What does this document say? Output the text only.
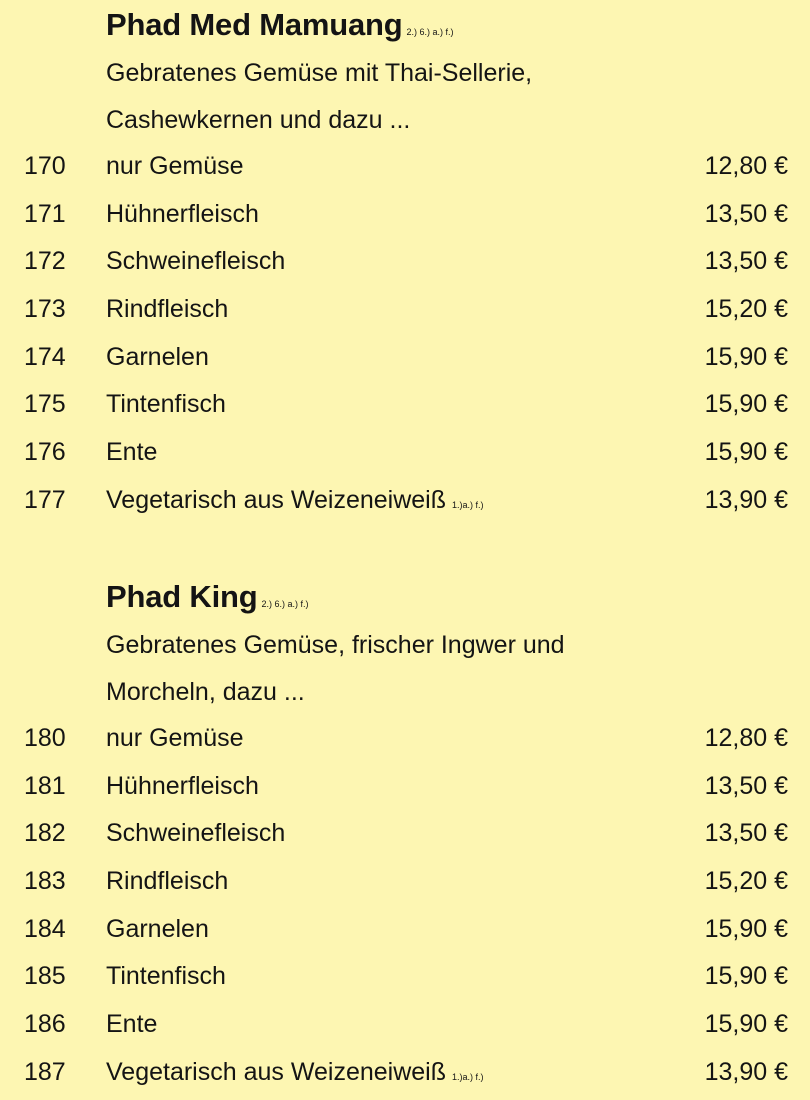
Phad Med Mamuang 2.) 6.) a.) f.)
Gebratenes Gemüse mit Thai-Sellerie,
Cashewkernen und dazu ...
170 nur Gemüse	12,80 €
171 Hühnerfleisch	13,50 €
172 Schweinefleisch	13,50 €
173 Rindfleisch	15,20 €
174 Garnelen	15,90 €
175 Tintenfisch	15,90 €
176 Ente	15,90 €
177 Vegetarisch aus Weizeneiweiß 1.)a.) f.)	13,90 €
Phad King 2.) 6.) a.) f.)
Gebratenes Gemüse, frischer Ingwer und
Morcheln, dazu ...
180 nur Gemüse	12,80 €
181 Hühnerfleisch	13,50 €
182 Schweinefleisch	13,50 €
183 Rindfleisch	15,20 €
184 Garnelen	15,90 €
185 Tintenfisch	15,90 €
186 Ente	15,90 €
187 Vegetarisch aus Weizeneiweiß 1.)a.) f.)	13,90 €
